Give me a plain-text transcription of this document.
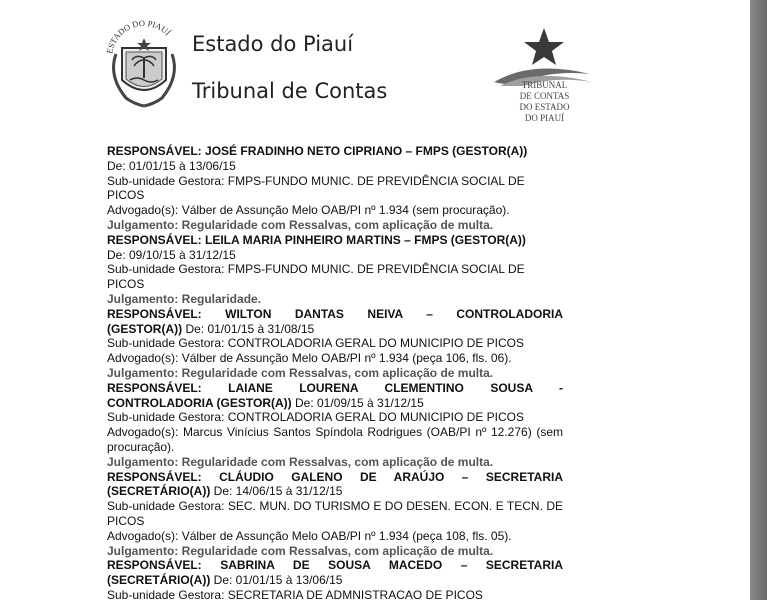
ESTADO DO PIAUÍ Estado do Piauí
Tribunal de Contas	TRIBUNAL
DE CONTAS
DO ESTADO
DO PIAUÍ

RESPONSÁVEL: JOSÉ FRADINHO NETO CIPRIANO – FMPS (GESTOR(A))

De: 01/01/15 à 13/06/15

Sub-unidade Gestora: FMPS-FUNDO MUNIC. DE PREVIDÊNCIA SOCIAL DE PICOS

Advogado(s): Válber de Assunção Melo OAB/PI nº 1.934 (sem procuração).

Julgamento: Regularidade com Ressalvas, com aplicação de multa.

RESPONSÁVEL: LEILA MARIA PINHEIRO MARTINS – FMPS (GESTOR(A))

De: 09/10/15 à 31/12/15

Sub-unidade Gestora: FMPS-FUNDO MUNIC. DE PREVIDÊNCIA SOCIAL DE PICOS

Julgamento: Regularidade.

RESPONSÁVEL: WILTON DANTAS NEIVA – CONTROLADORIA

(GESTOR(A)) De: 01/01/15 à 31/08/15

Sub-unidade Gestora: CONTROLADORIA GERAL DO MUNICIPIO DE PICOS

Advogado(s): Válber de Assunção Melo OAB/PI nº 1.934 (peça 106, fls. 06).

Julgamento: Regularidade com Ressalvas, com aplicação de multa.

RESPONSÁVEL: LAIANE LOURENA CLEMENTINO SOUSA -

CONTROLADORIA (GESTOR(A)) De: 01/09/15 à 31/12/15

Sub-unidade Gestora: CONTROLADORIA GERAL DO MUNICIPIO DE PICOS

Advogado(s): Marcus Vinícius Santos Spíndola Rodrigues (OAB/PI nº 12.276) (sem procuração).

Julgamento: Regularidade com Ressalvas, com aplicação de multa.

RESPONSÁVEL: CLÁUDIO GALENO DE ARAÚJO – SECRETARIA

(SECRETÁRIO(A)) De: 14/06/15 à 31/12/15

Sub-unidade Gestora: SEC. MUN. DO TURISMO E DO DESEN. ECON. E TECN. DE PICOS

Advogado(s): Válber de Assunção Melo OAB/PI nº 1.934 (peça 108, fls. 05).

Julgamento: Regularidade com Ressalvas, com aplicação de multa.

RESPONSÁVEL: SABRINA DE SOUSA MACEDO – SECRETARIA

(SECRETÁRIO(A)) De: 01/01/15 à 13/06/15

Sub-unidade Gestora: SECRETARIA DE ADMNISTRACAO DE PICOS
